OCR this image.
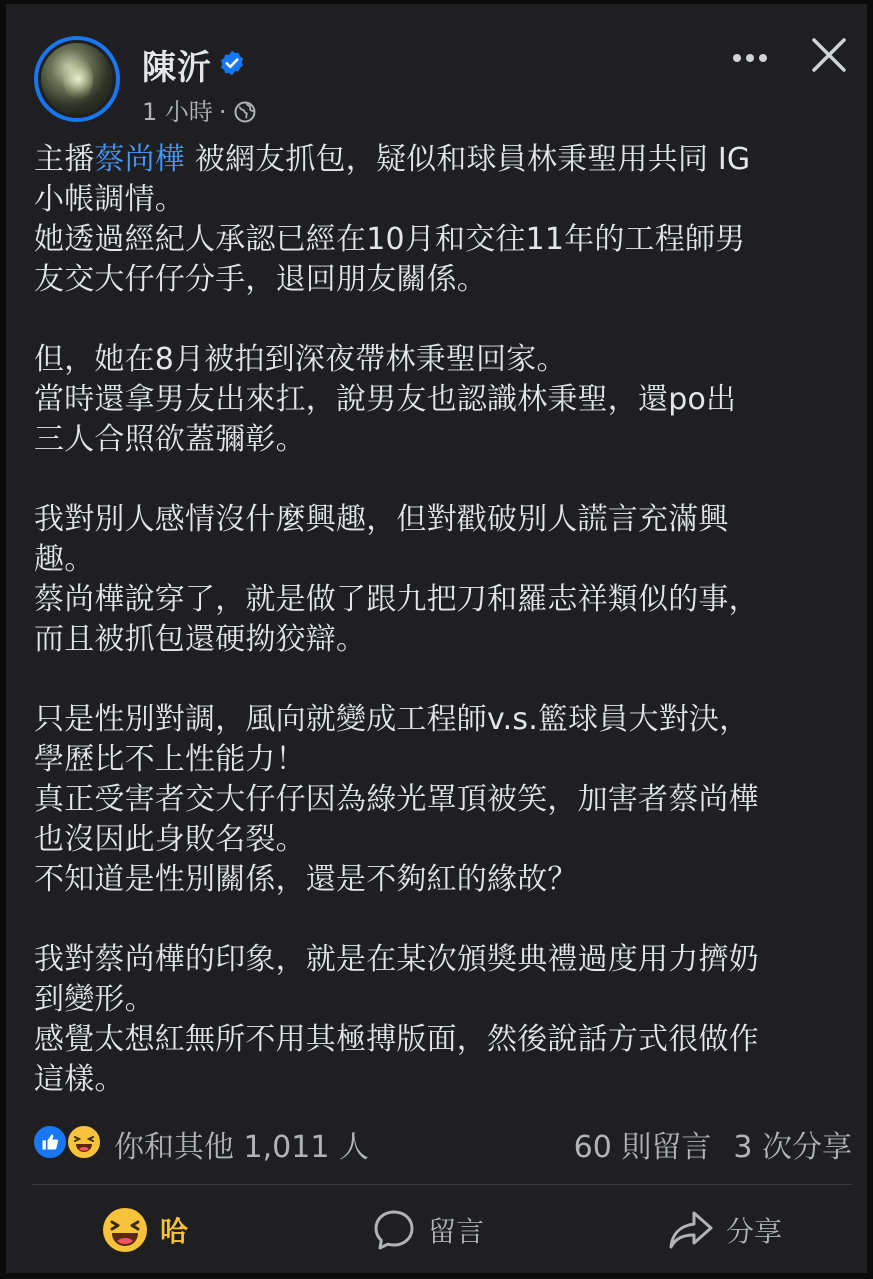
陳沂
1 小時 ·

主播蔡尚樺 被網友抓包，疑似和球員林秉聖用共同 IG
小帳調情。
她透過經紀人承認已經在10月和交往11年的工程師男
友交大仔仔分手，退回朋友關係。

但，她在8月被拍到深夜帶林秉聖回家。
當時還拿男友出來扛，說男友也認識林秉聖，還po出
三人合照欲蓋彌彰。

我對別人感情沒什麼興趣，但對戳破別人謊言充滿興
趣。
蔡尚樺說穿了，就是做了跟九把刀和羅志祥類似的事，
而且被抓包還硬拗狡辯。

只是性別對調，風向就變成工程師v.s.籃球員大對決，
學歷比不上性能力！
真正受害者交大仔仔因為綠光罩頂被笑，加害者蔡尚樺
也沒因此身敗名裂。
不知道是性別關係，還是不夠紅的緣故？

我對蔡尚樺的印象，就是在某次頒獎典禮過度用力擠奶
到變形。
感覺太想紅無所不用其極搏版面，然後說話方式很做作
這樣。

你和其他 1,011 人	60 則留言 3 次分享
哈	留言	分享
